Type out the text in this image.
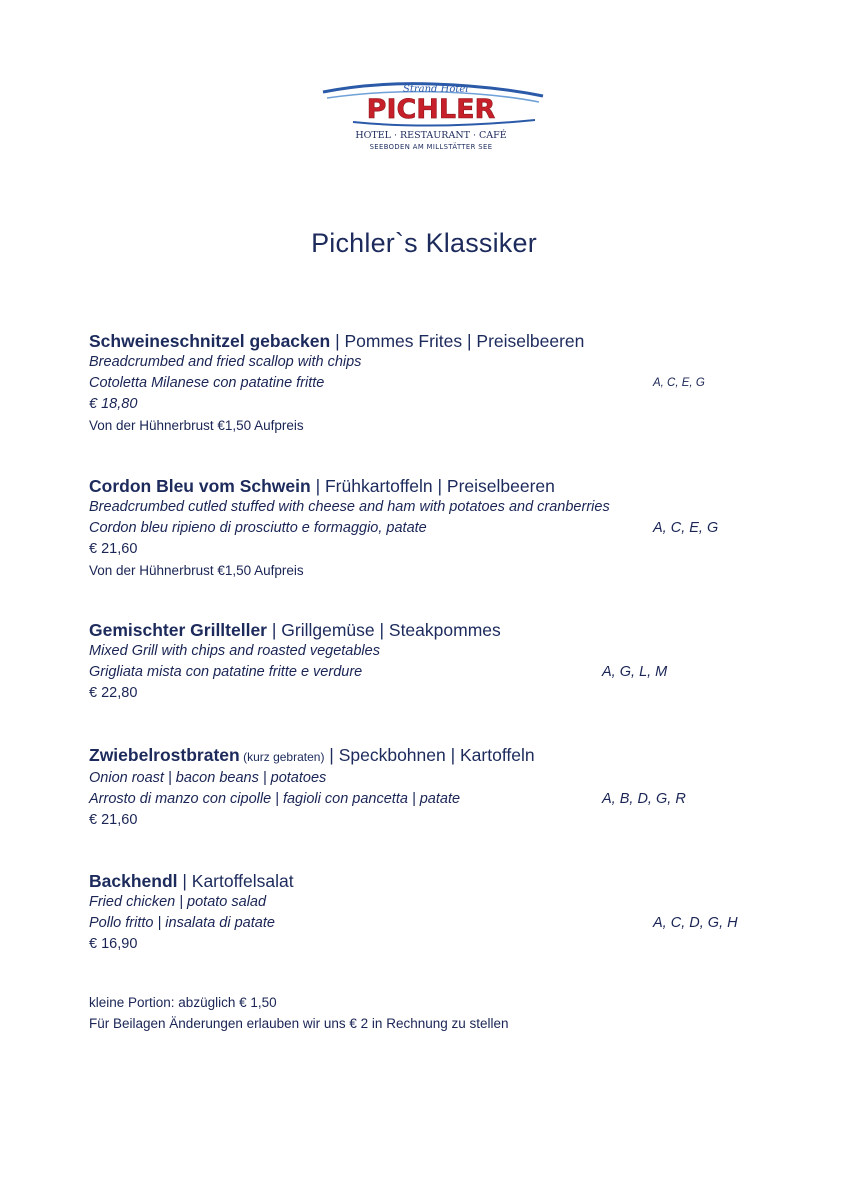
Strand Hotel
PICHLER
HOTEL · RESTAURANT · CAFÉ
SEEBODEN AM MILLSTÄTTER SEE
Pichler`s Klassiker
Schweineschnitzel gebacken | Pommes Frites | Preiselbeeren
Breadcrumbed and fried scallop with chips
Cotoletta Milanese con patatine fritte	A, C, E, G
€ 18,80
Von der Hühnerbrust €1,50 Aufpreis
Cordon Bleu vom Schwein | Frühkartoffeln | Preiselbeeren
Breadcrumbed cutled stuffed with cheese and ham with potatoes and cranberries
Cordon bleu ripieno di prosciutto e formaggio, patate	A, C, E, G
€ 21,60
Von der Hühnerbrust €1,50 Aufpreis
Gemischter Grillteller | Grillgemüse | Steakpommes
Mixed Grill with chips and roasted vegetables
Grigliata mista con patatine fritte e verdure	A, G, L, M
€ 22,80
Zwiebelrostbraten (kurz gebraten) | Speckbohnen | Kartoffeln
Onion roast | bacon beans | potatoes
Arrosto di manzo con cipolle | fagioli con pancetta | patate	A, B, D, G, R
€ 21,60
Backhendl | Kartoffelsalat
Fried chicken | potato salad
Pollo fritto | insalata di patate	A, C, D, G, H
€ 16,90
kleine Portion: abzüglich € 1,50
Für Beilagen Änderungen erlauben wir uns € 2 in Rechnung zu stellen
